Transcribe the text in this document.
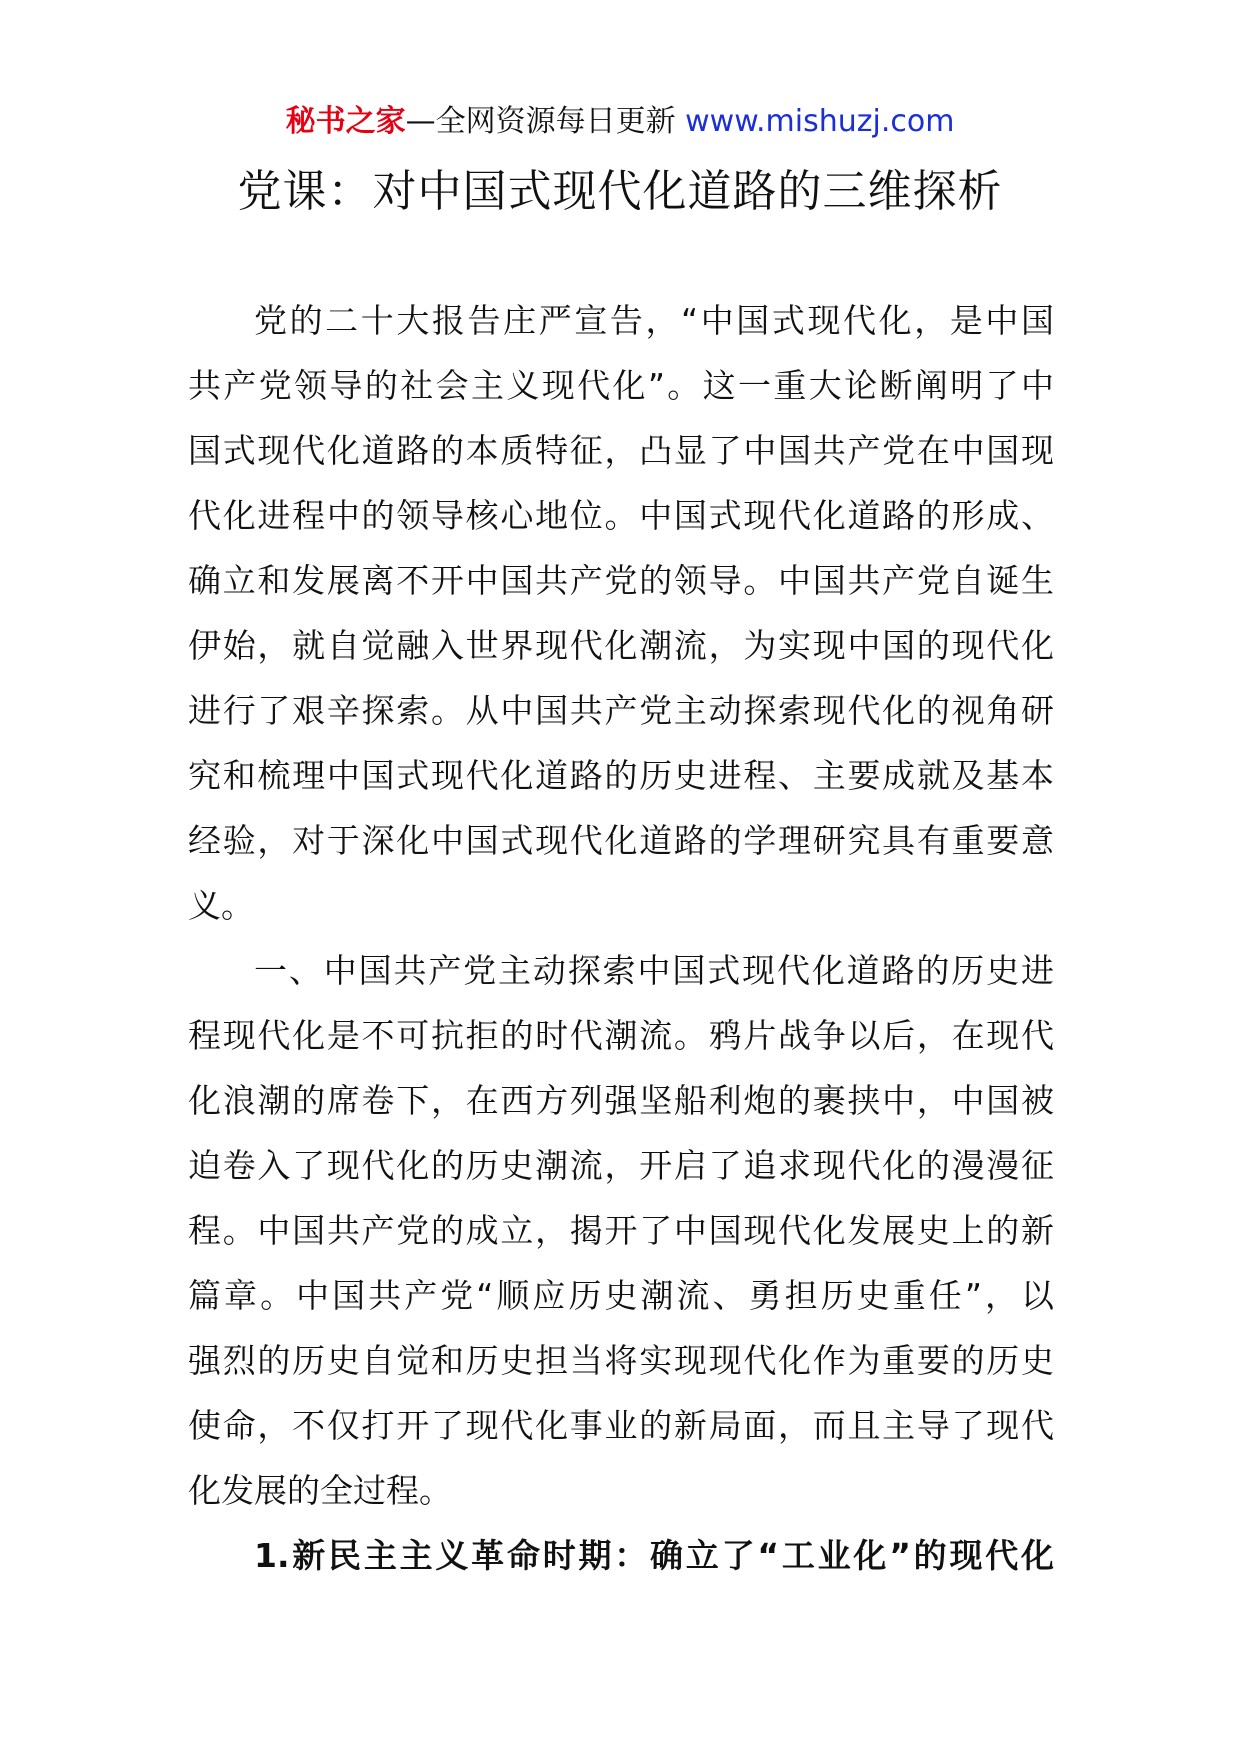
秘书之家—全网资源每日更新 www.mishuzj.com
党课：对中国式现代化道路的三维探析
党的二十大报告庄严宣告，“中国式现代化，是中国
共产党领导的社会主义现代化”。这一重大论断阐明了中
国式现代化道路的本质特征，凸显了中国共产党在中国现
代化进程中的领导核心地位。中国式现代化道路的形成、
确立和发展离不开中国共产党的领导。中国共产党自诞生
伊始，就自觉融入世界现代化潮流，为实现中国的现代化
进行了艰辛探索。从中国共产党主动探索现代化的视角研
究和梳理中国式现代化道路的历史进程、主要成就及基本
经验，对于深化中国式现代化道路的学理研究具有重要意
义。
一、中国共产党主动探索中国式现代化道路的历史进
程现代化是不可抗拒的时代潮流。鸦片战争以后，在现代
化浪潮的席卷下，在西方列强坚船利炮的裹挟中，中国被
迫卷入了现代化的历史潮流，开启了追求现代化的漫漫征
程。中国共产党的成立，揭开了中国现代化发展史上的新
篇章。中国共产党“顺应历史潮流、勇担历史重任”，以
强烈的历史自觉和历史担当将实现现代化作为重要的历史
使命，不仅打开了现代化事业的新局面，而且主导了现代
化发展的全过程。
1.新民主主义革命时期：确立了“工业化”的现代化
